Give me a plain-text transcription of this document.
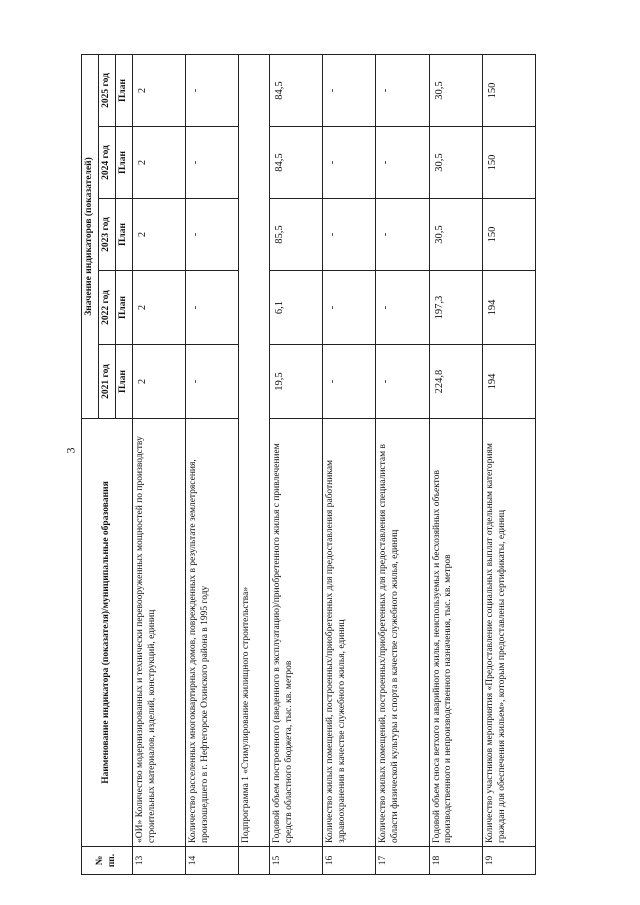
3
№ пп.	Наименование индикатора (показателя)/муниципальные образования	Значение индикаторов (показателей)				
		2021 год	2022 год	2023 год	2024 год	2025 год
		План	План	План	План	План
13	«ОИ» Количество модернизированных и технически перевооруженных мощностей по производству строительных материалов, изделий, конструкций, единиц	2	2	2	2	2
14	Количество расселенных многоквартирных домов, поврежденных в результате землетрясения, произошедшего в г. Нефтегорске Охинского района в 1995 году	-	-	-	-	-
	Подпрограмма 1 «Стимулирование жилищного строительства»					
15	Годовой объем построенного (введенного в эксплуатацию)/приобретенного жилья с привлечением средств областного бюджета, тыс. кв. метров	19,5	6,1	85,5	84,5	84,5
16	Количество жилых помещений, построенных/приобретенных для предоставления работникам здравоохранения в качестве служебного жилья, единиц	-	-	-	-	-
17	Количество жилых помещений, построенных/приобретенных для предоставления специалистам в области физической культуры и спорта в качестве служебного жилья, единиц	-	-	-	-	-
18	Годовой объем сноса ветхого и аварийного жилья, неиспользуемых и бесхозяйных объектов производственного и непроизводственного назначения, тыс. кв. метров	224,8	197,3	30,5	30,5	30,5
19	Количество участников мероприятия «Предоставление социальных выплат отдельным категориям граждан для обеспечения жильем», которым предоставлены сертификаты, единиц	194	194	150	150	150
